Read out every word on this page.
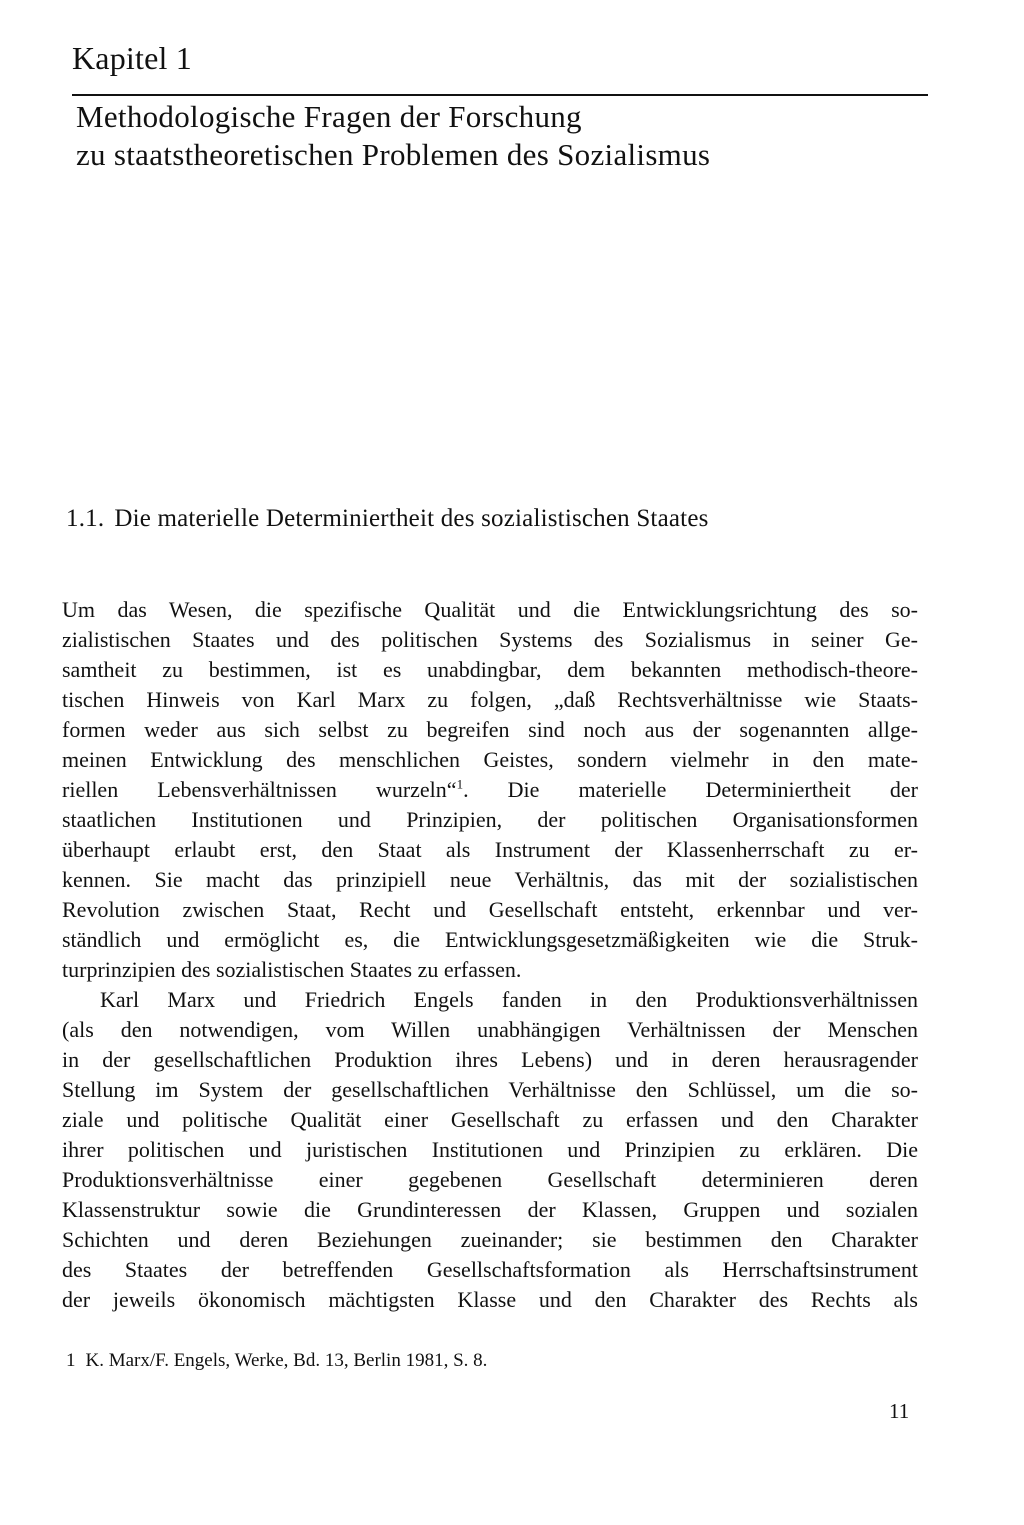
Kapitel 1
Methodologische Fragen der Forschung
zu staatstheoretischen Problemen des Sozialismus
1.1. Die materielle Determiniertheit des sozialistischen Staates
Um das Wesen, die spezifische Qualität und die Entwicklungsrichtung des so-
zialistischen Staates und des politischen Systems des Sozialismus in seiner Ge-
samtheit zu bestimmen, ist es unabdingbar, dem bekannten methodisch-theore-
tischen Hinweis von Karl Marx zu folgen, „daß Rechtsverhältnisse wie Staats-
formen weder aus sich selbst zu begreifen sind noch aus der sogenannten allge-
meinen Entwicklung des menschlichen Geistes, sondern vielmehr in den mate-
riellen Lebensverhältnissen wurzeln“$^1$. Die materielle Determiniertheit der
staatlichen Institutionen und Prinzipien, der politischen Organisationsformen
überhaupt erlaubt erst, den Staat als Instrument der Klassenherrschaft zu er-
kennen. Sie macht das prinzipiell neue Verhältnis, das mit der sozialistischen
Revolution zwischen Staat, Recht und Gesellschaft entsteht, erkennbar und ver-
ständlich und ermöglicht es, die Entwicklungsgesetzmäßigkeiten wie die Struk-
turprinzipien des sozialistischen Staates zu erfassen.
Karl Marx und Friedrich Engels fanden in den Produktionsverhältnissen
(als den notwendigen, vom Willen unabhängigen Verhältnissen der Menschen
in der gesellschaftlichen Produktion ihres Lebens) und in deren herausragender
Stellung im System der gesellschaftlichen Verhältnisse den Schlüssel, um die so-
ziale und politische Qualität einer Gesellschaft zu erfassen und den Charakter
ihrer politischen und juristischen Institutionen und Prinzipien zu erklären. Die
Produktionsverhältnisse einer gegebenen Gesellschaft determinieren deren
Klassenstruktur sowie die Grundinteressen der Klassen, Gruppen und sozialen
Schichten und deren Beziehungen zueinander; sie bestimmen den Charakter
des Staates der betreffenden Gesellschaftsformation als Herrschaftsinstrument
der jeweils ökonomisch mächtigsten Klasse und den Charakter des Rechts als
1 K. Marx/F. Engels, Werke, Bd. 13, Berlin 1981, S. 8.
11
